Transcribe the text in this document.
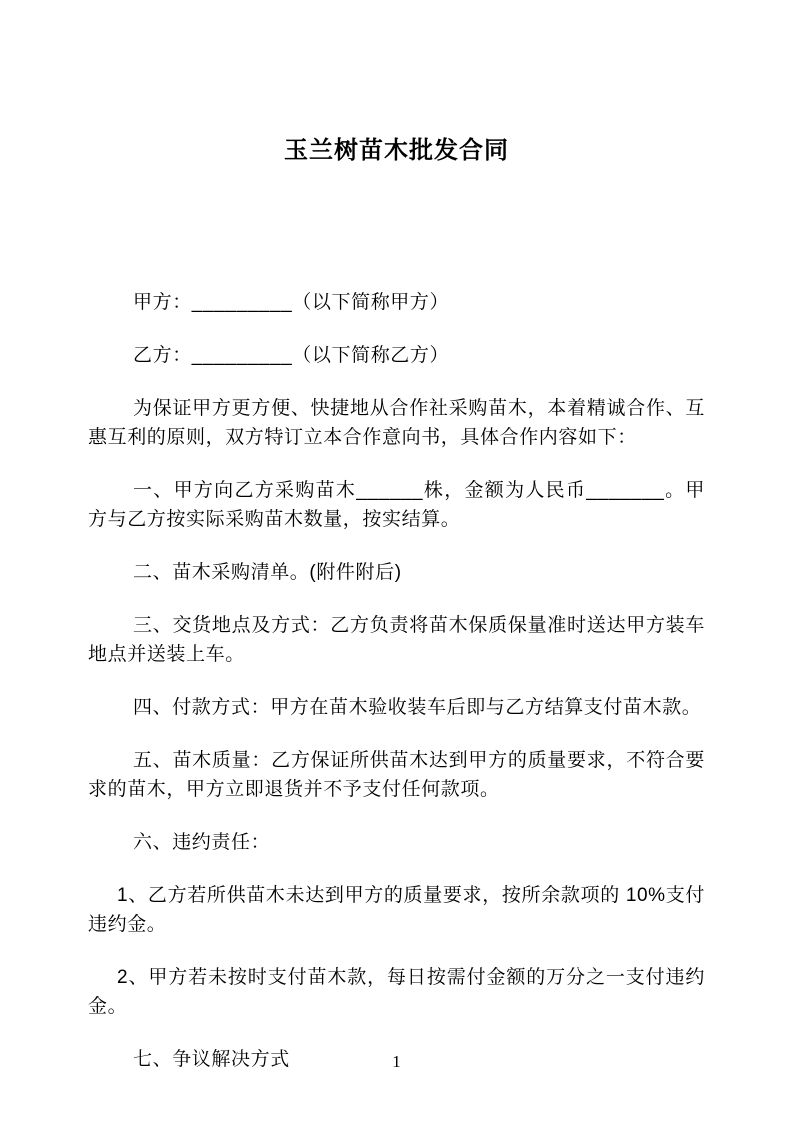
玉兰树苗木批发合同

甲方：_________（以下简称甲方）

乙方：_________（以下简称乙方）

为保证甲方更方便、快捷地从合作社采购苗木，本着精诚合作、互惠互利的原则，双方特订立本合作意向书，具体合作内容如下：

一、甲方向乙方采购苗木______株，金额为人民币_______。甲方与乙方按实际采购苗木数量，按实结算。

二、苗木采购清单。(附件附后)

三、交货地点及方式：乙方负责将苗木保质保量准时送达甲方装车地点并送装上车。

四、付款方式：甲方在苗木验收装车后即与乙方结算支付苗木款。

五、苗木质量：乙方保证所供苗木达到甲方的质量要求，不符合要求的苗木，甲方立即退货并不予支付任何款项。

六、违约责任：

1、乙方若所供苗木未达到甲方的质量要求，按所余款项的 10%支付违约金。

2、甲方若未按时支付苗木款，每日按需付金额的万分之一支付违约金。

七、争议解决方式	1
